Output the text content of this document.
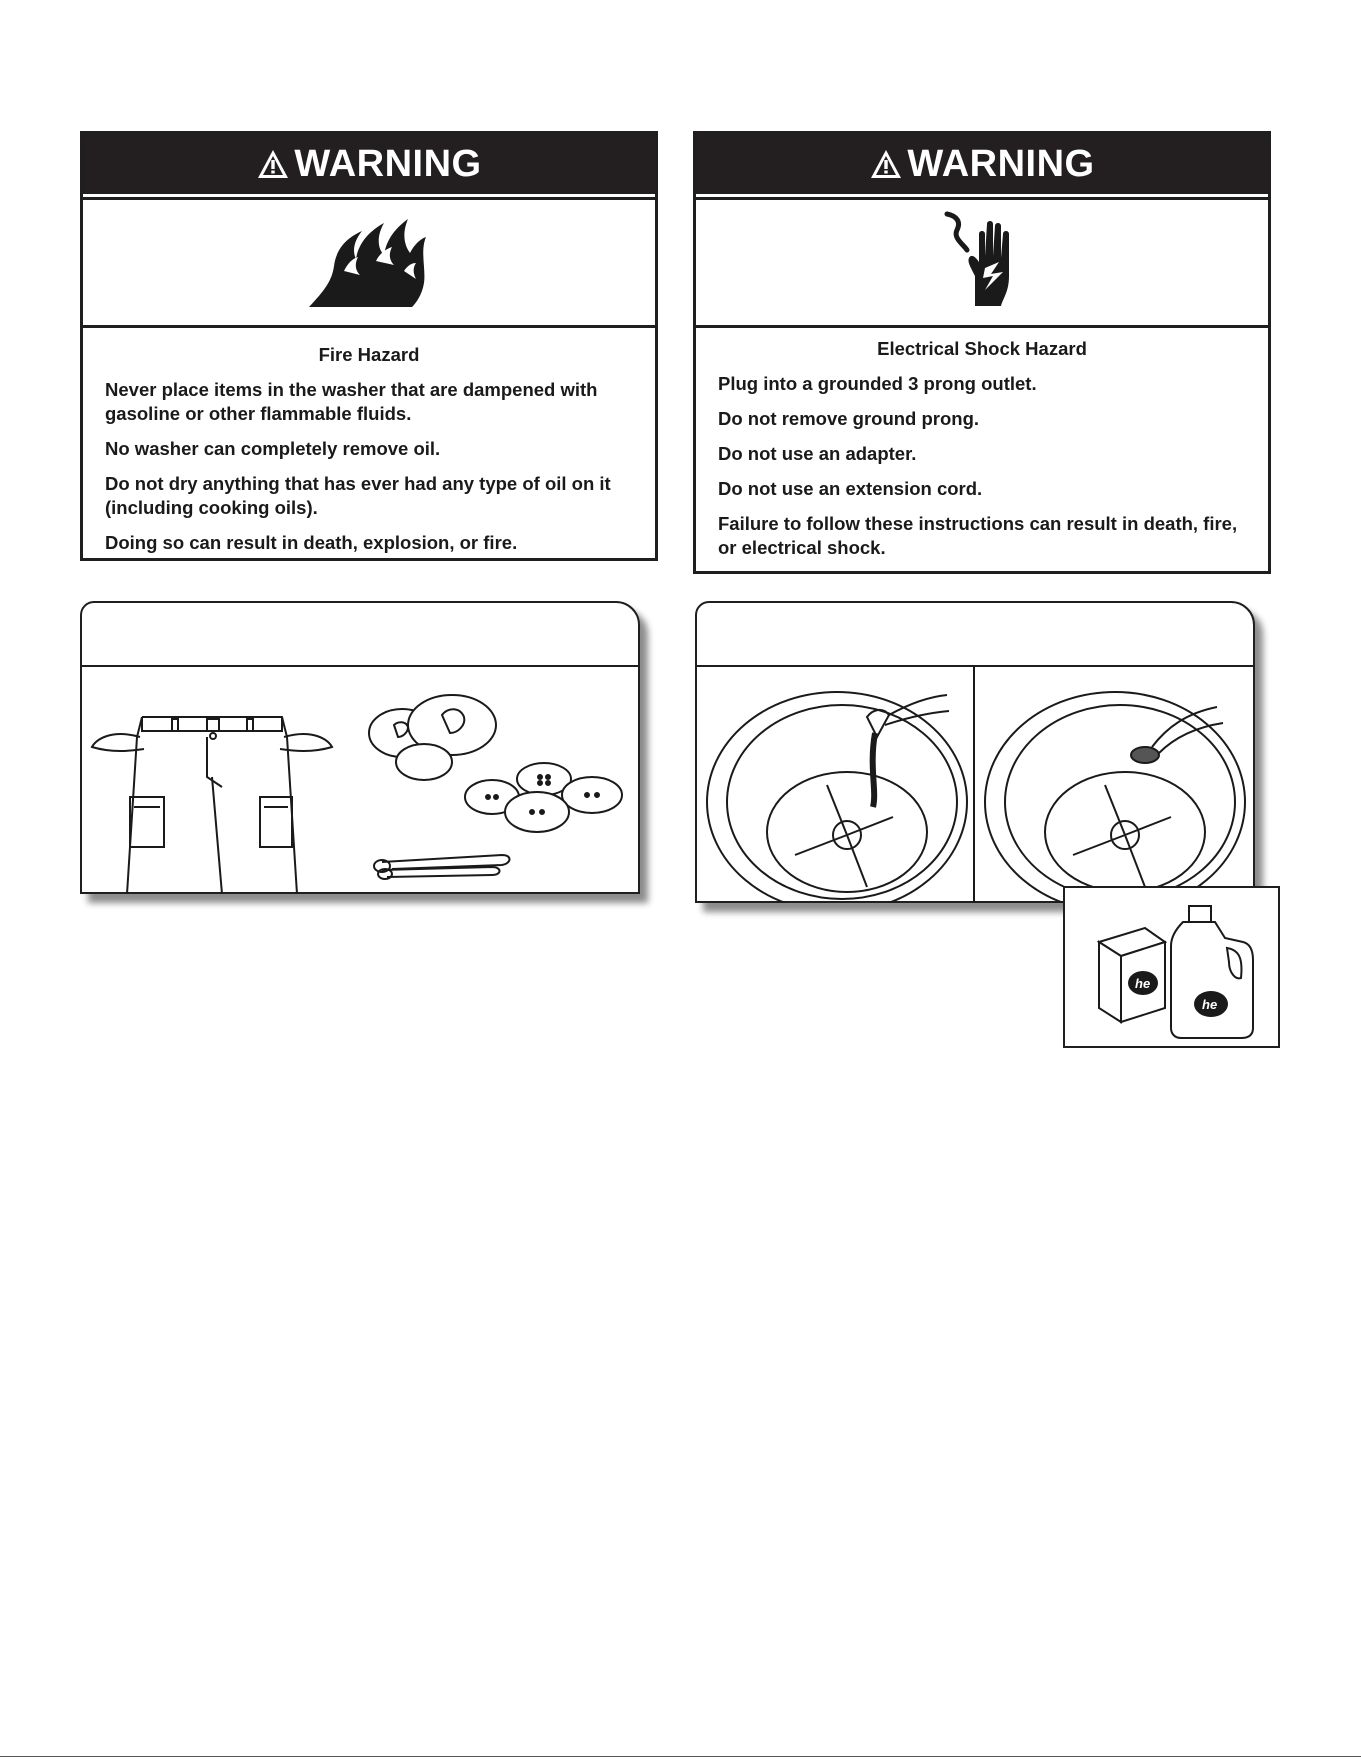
WARNING
Fire Hazard

Never place items in the washer that are dampened with gasoline or other flammable fluids.

No washer can completely remove oil.

Do not dry anything that has ever had any type of oil on it (including cooking oils).

Doing so can result in death, explosion, or fire.

WARNING
Electrical Shock Hazard

Plug into a grounded 3 prong outlet.

Do not remove ground prong.

Do not use an adapter.

Do not use an extension cord.

Failure to follow these instructions can result in death, fire, or electrical shock.

he
he
